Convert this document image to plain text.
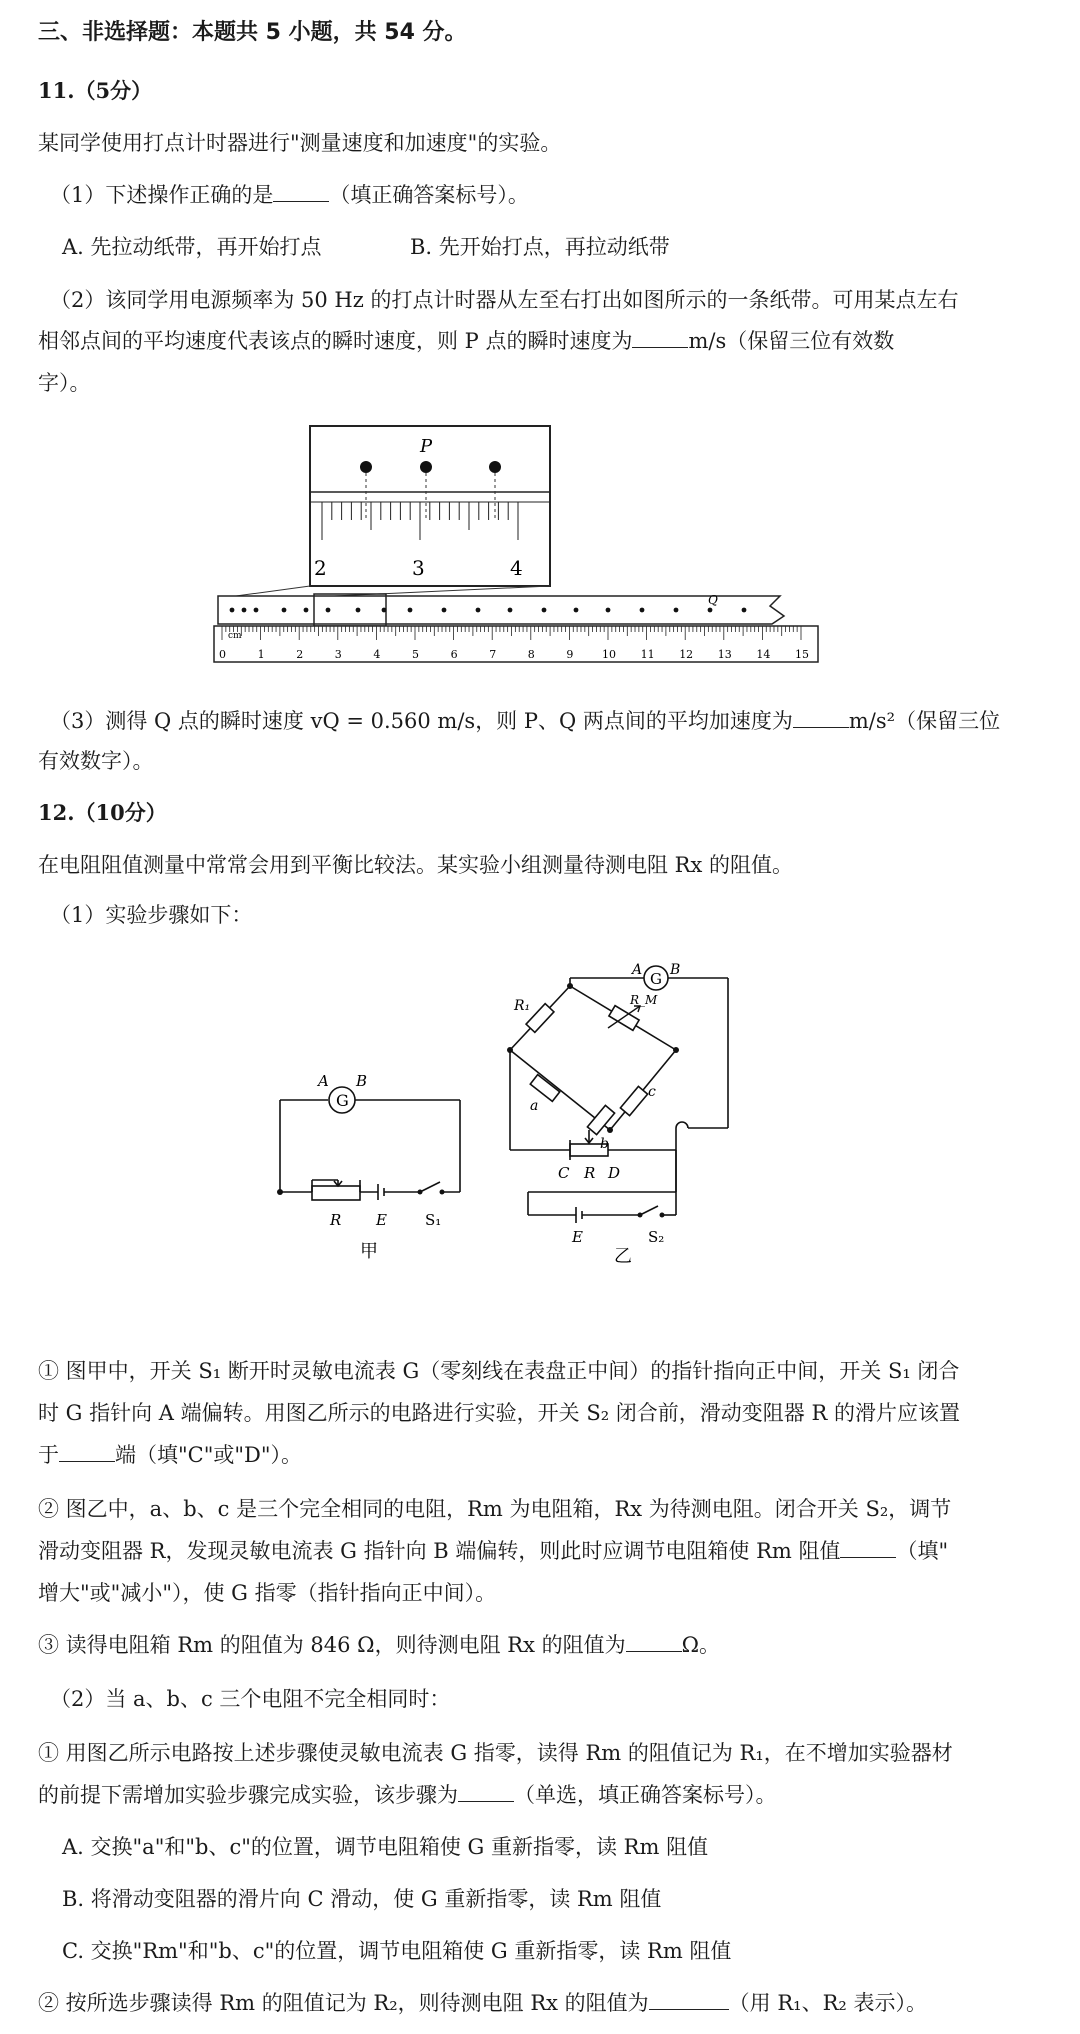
三、非选择题：本题共 5 小题，共 54 分。
11.（5分）
某同学使用打点计时器进行"测量速度和加速度"的实验。
（1）下述操作正确的是	（填正确答案标号）。
A. 先拉动纸带，再开始打点	B. 先开始打点，再拉动纸带
（2）该同学用电源频率为 50 Hz 的打点计时器从左至右打出如图所示的一条纸带。可用某点左右
相邻点间的平均速度代表该点的瞬时速度，则 P 点的瞬时速度为	m/s（保留三位有效数
字）。
P
2	3	4
Q
0	1	2	3	4	5	6	7	8	9	10 11 12 13 14 15
cm
（3）测得 Q 点的瞬时速度 vQ = 0.560 m/s，则 P、Q 两点间的平均加速度为	m/s²（保留三位
有效数字）。
12.（10分）
在电阻阻值测量中常常会用到平衡比较法。某实验小组测量待测电阻 Rx 的阻值。
（1）实验步骤如下：
G
A B
R E	S₁
甲
G
A B
R₁	R_M
a
b
c
C R D
E	S₂
乙
① 图甲中，开关 S₁ 断开时灵敏电流表 G（零刻线在表盘正中间）的指针指向正中间，开关 S₁ 闭合
时 G 指针向 A 端偏转。用图乙所示的电路进行实验，开关 S₂ 闭合前，滑动变阻器 R 的滑片应该置
于	端（填"C"或"D"）。
② 图乙中，a、b、c 是三个完全相同的电阻，Rm 为电阻箱，Rx 为待测电阻。闭合开关 S₂，调节
滑动变阻器 R，发现灵敏电流表 G 指针向 B 端偏转，则此时应调节电阻箱使 Rm 阻值	（填"
增大"或"减小"），使 G 指零（指针指向正中间）。
③ 读得电阻箱 Rm 的阻值为 846 Ω，则待测电阻 Rx 的阻值为	Ω。
（2）当 a、b、c 三个电阻不完全相同时：
① 用图乙所示电路按上述步骤使灵敏电流表 G 指零，读得 Rm 的阻值记为 R₁，在不增加实验器材
的前提下需增加实验步骤完成实验，该步骤为	（单选，填正确答案标号）。
A. 交换"a"和"b、c"的位置，调节电阻箱使 G 重新指零，读 Rm 阻值
B. 将滑动变阻器的滑片向 C 滑动，使 G 重新指零，读 Rm 阻值
C. 交换"Rm"和"b、c"的位置，调节电阻箱使 G 重新指零，读 Rm 阻值
② 按所选步骤读得 Rm 的阻值记为 R₂，则待测电阻 Rx 的阻值为	（用 R₁、R₂ 表示）。
